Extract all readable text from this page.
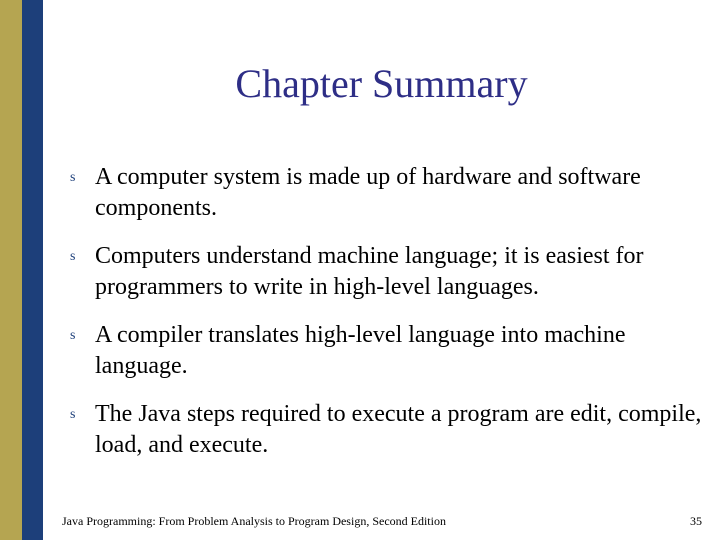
Chapter Summary
s A computer system is made up of hardware and software components.
s Computers understand machine language; it is easiest for programmers to write in high-level languages.
s A compiler translates high-level language into machine language.
s The Java steps required to execute a program are edit, compile, load, and execute.
Java Programming: From Problem Analysis to Program Design, Second Edition	35
